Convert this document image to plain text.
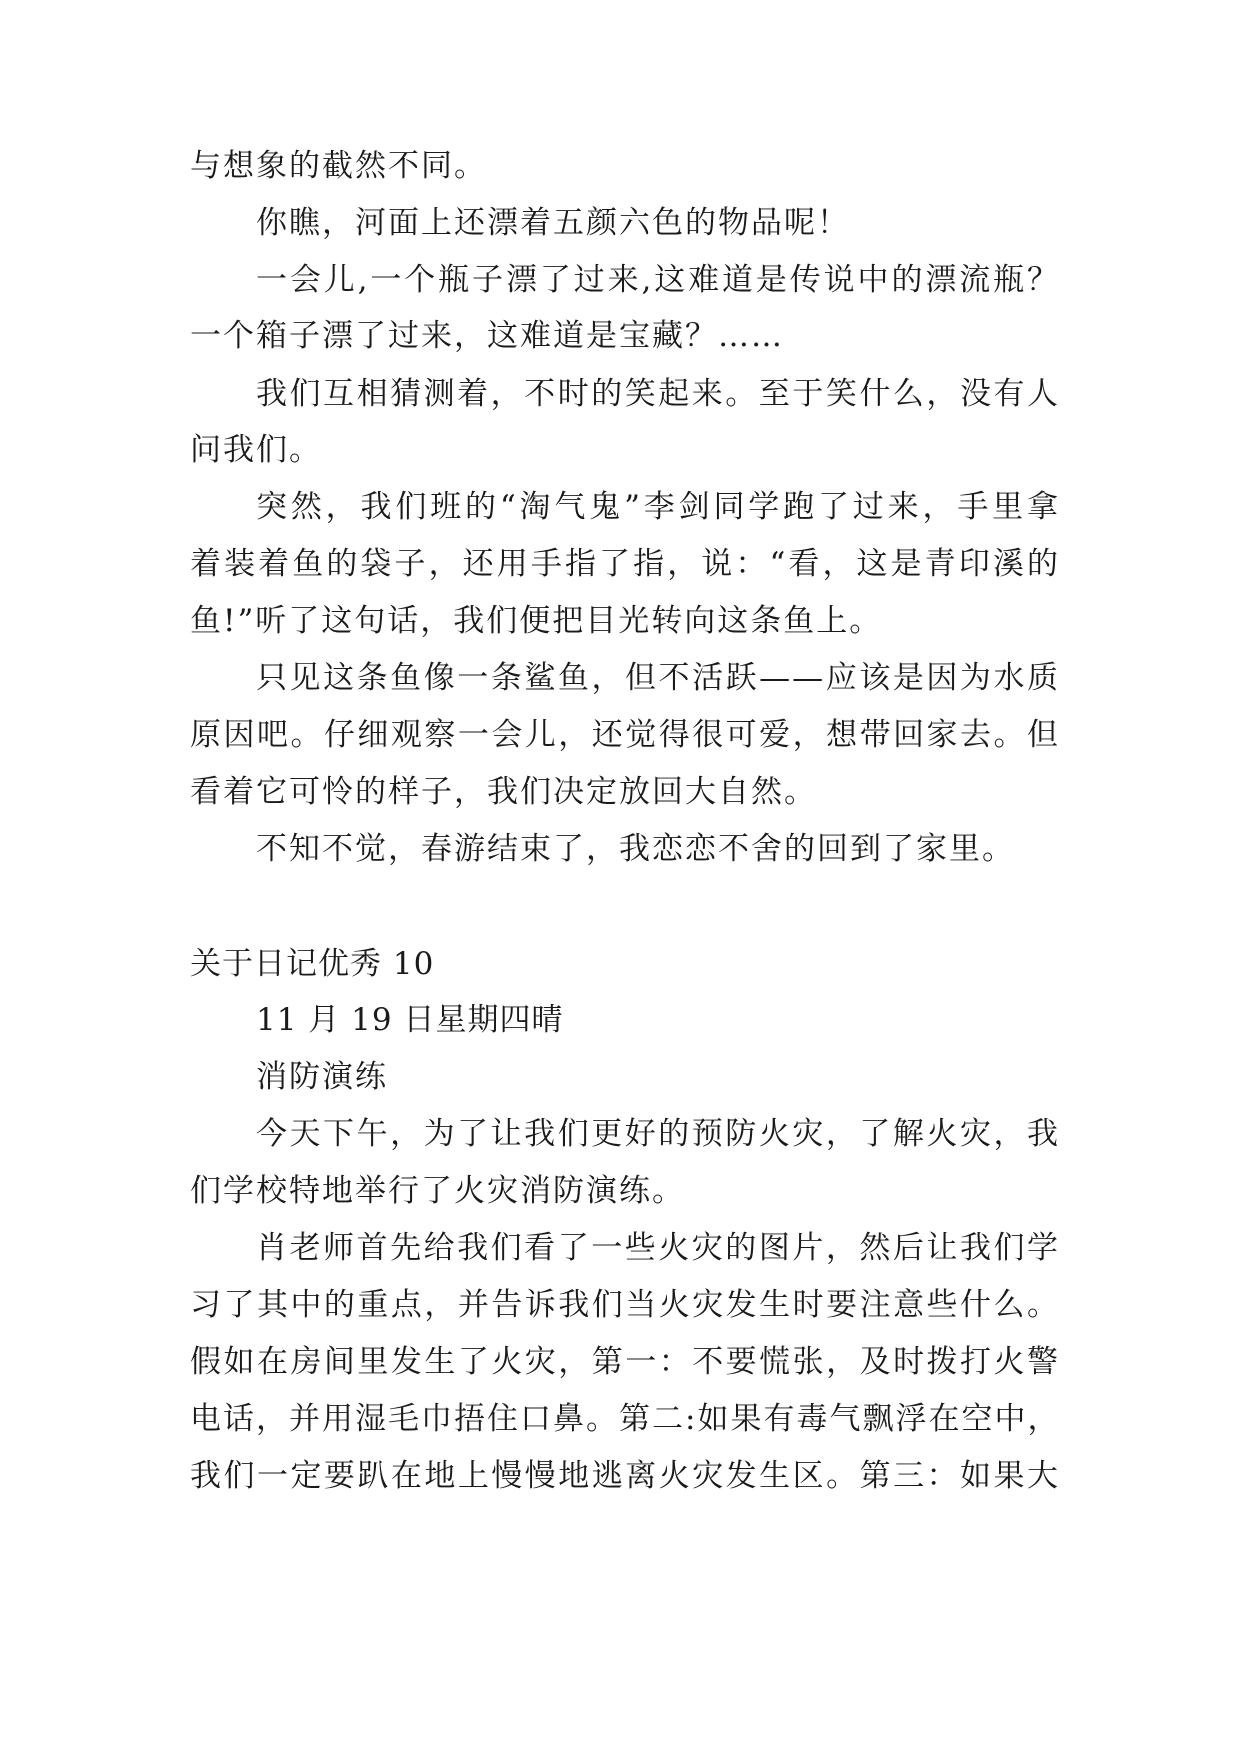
与想象的截然不同。
你瞧，河面上还漂着五颜六色的物品呢！
一会儿,一个瓶子漂了过来,这难道是传说中的漂流瓶？
一个箱子漂了过来，这难道是宝藏？……
我们互相猜测着，不时的笑起来。至于笑什么，没有人
问我们。
突然，我们班的“淘气鬼”李剑同学跑了过来，手里拿
着装着鱼的袋子，还用手指了指，说：“看，这是青印溪的
鱼!”听了这句话，我们便把目光转向这条鱼上。
只见这条鱼像一条鲨鱼，但不活跃——应该是因为水质
原因吧。仔细观察一会儿，还觉得很可爱，想带回家去。但
看着它可怜的样子，我们决定放回大自然。
不知不觉，春游结束了，我恋恋不舍的回到了家里。
关于日记优秀 10
11 月 19 日星期四晴
消防演练
今天下午，为了让我们更好的预防火灾，了解火灾，我
们学校特地举行了火灾消防演练。
肖老师首先给我们看了一些火灾的图片，然后让我们学
习了其中的重点，并告诉我们当火灾发生时要注意些什么。
假如在房间里发生了火灾，第一：不要慌张，及时拨打火警
电话，并用湿毛巾捂住口鼻。第二:如果有毒气飘浮在空中，
我们一定要趴在地上慢慢地逃离火灾发生区。第三：如果大
